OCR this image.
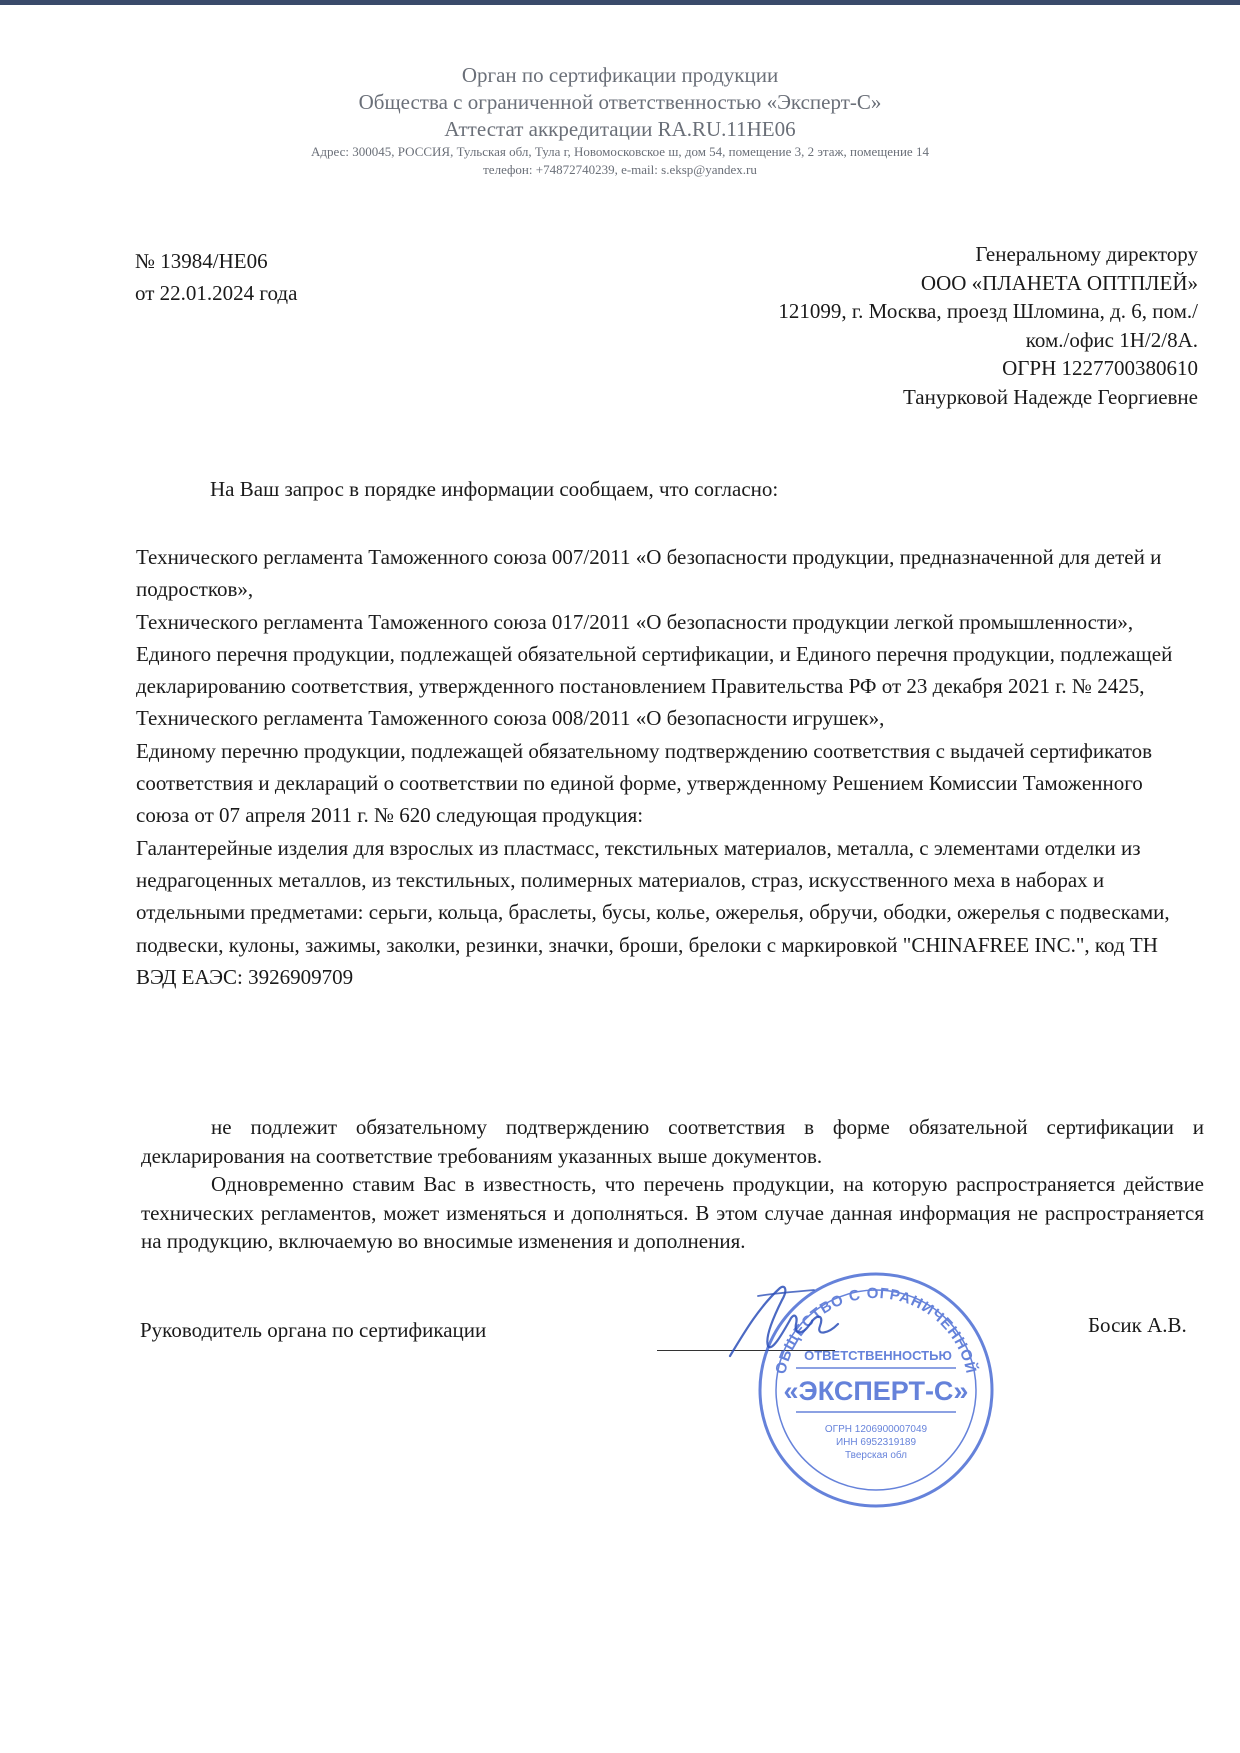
Орган по сертификации продукции
Общества с ограниченной ответственностью «Эксперт-С»
Аттестат аккредитации RA.RU.11НЕ06
Адрес: 300045, РОССИЯ, Тульская обл, Тула г, Новомосковское ш, дом 54, помещение 3, 2 этаж, помещение 14
телефон: +74872740239, e-mail: s.eksp@yandex.ru
№ 13984/НЕ06
от 22.01.2024 года
Генеральному директору
ООО «ПЛАНЕТА ОПТПЛЕЙ»
121099, г. Москва, проезд Шломина, д. 6, пом./
ком./офис 1Н/2/8А.
ОГРН 1227700380610
Танурковой Надежде Георгиевне
На Ваш запрос в порядке информации сообщаем, что согласно:

Технического регламента Таможенного союза 007/2011 «О безопасности продукции, предназначенной для детей и подростков»,

Технического регламента Таможенного союза 017/2011 «О безопасности продукции легкой промышленности»,

Единого перечня продукции, подлежащей обязательной сертификации, и Единого перечня продукции, подлежащей декларированию соответствия, утвержденного постановлением Правительства РФ от 23 декабря 2021 г. № 2425,

Технического регламента Таможенного союза 008/2011 «О безопасности игрушек»,

Единому перечню продукции, подлежащей обязательному подтверждению соответствия с выдачей сертификатов соответствия и деклараций о соответствии по единой форме, утвержденному Решением Комиссии Таможенного союза от 07 апреля 2011 г. № 620 следующая продукция:

Галантерейные изделия для взрослых из пластмасс, текстильных материалов, металла, с элементами отделки из недрагоценных металлов, из текстильных, полимерных материалов, страз, искусственного меха в наборах и отдельными предметами: серьги, кольца, браслеты, бусы, колье, ожерелья, обручи, ободки, ожерелья с подвесками, подвески, кулоны, зажимы, заколки, резинки, значки, броши, брелоки с маркировкой "CHINAFREE INC.", код ТН ВЭД ЕАЭС: 3926909709

не подлежит обязательному подтверждению соответствия в форме обязательной сертификации и декларирования на соответствие требованиям указанных выше документов.

Одновременно ставим Вас в известность, что перечень продукции, на которую распространяется действие технических регламентов, может изменяться и дополняться. В этом случае данная информация не распространяется на продукцию, включаемую во вносимые изменения и дополнения.

Руководитель органа по сертификации	Босик А.В.
ОБЩЕСТВО С ОГРАНИЧЕННОЙ
ОТВЕТСТВЕННОСТЬЮ
«ЭКСПЕРТ-С»
ОГРН 1206900007049
ИНН 6952319189
Тверская обл
